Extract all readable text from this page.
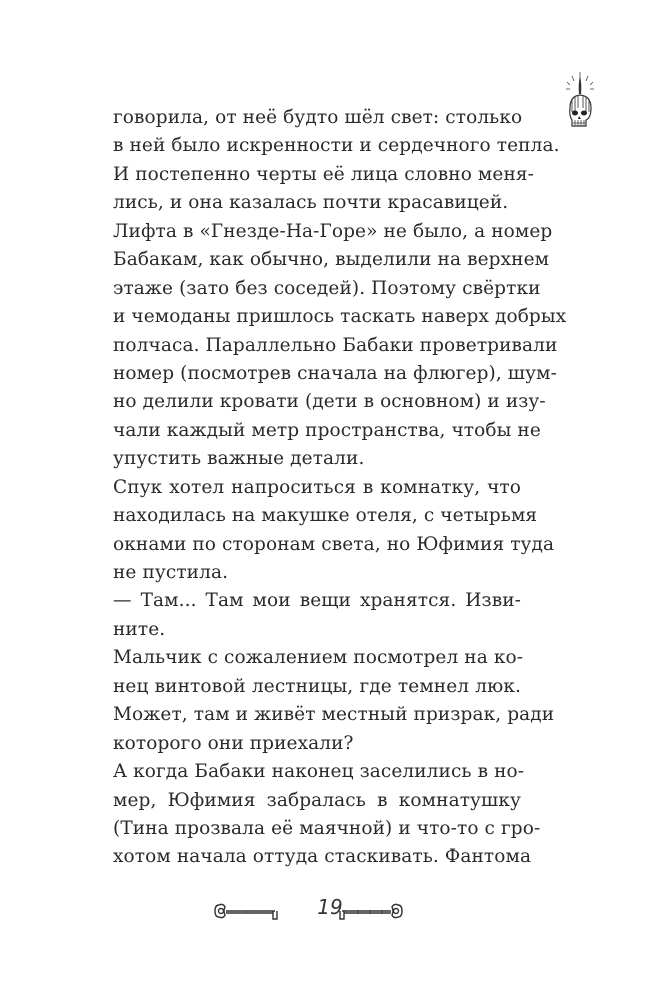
говорила, от неё будто шёл свет: столько
в ней было искренности и сердечного тепла.
И постепенно черты её лица словно меня-
лись, и она казалась почти красавицей.
Лифта в «Гнезде-На-Горе» не было, а номер
Бабакам, как обычно, выделили на верхнем
этаже (зато без соседей). Поэтому свёртки
и чемоданы пришлось таскать наверх добрых
полчаса. Параллельно Бабаки проветривали
номер (посмотрев сначала на флюгер), шум-
но делили кровати (дети в основном) и изу-
чали каждый метр пространства, чтобы не
упустить важные детали.
Спук хотел напроситься в комнатку, что
находилась на макушке отеля, с четырьмя
окнами по сторонам света, но Юфимия туда
не пустила.
— Там... Там мои вещи хранятся. Изви-
ните.
Мальчик с сожалением посмотрел на ко-
нец винтовой лестницы, где темнел люк.
Может, там и живёт местный призрак, ради
которого они приехали?
А когда Бабаки наконец заселились в но-
мер, Юфимия забралась в комнатушку
(Тина прозвала её маячной) и что-то с гро-
хотом начала оттуда стаскивать. Фантома
19
